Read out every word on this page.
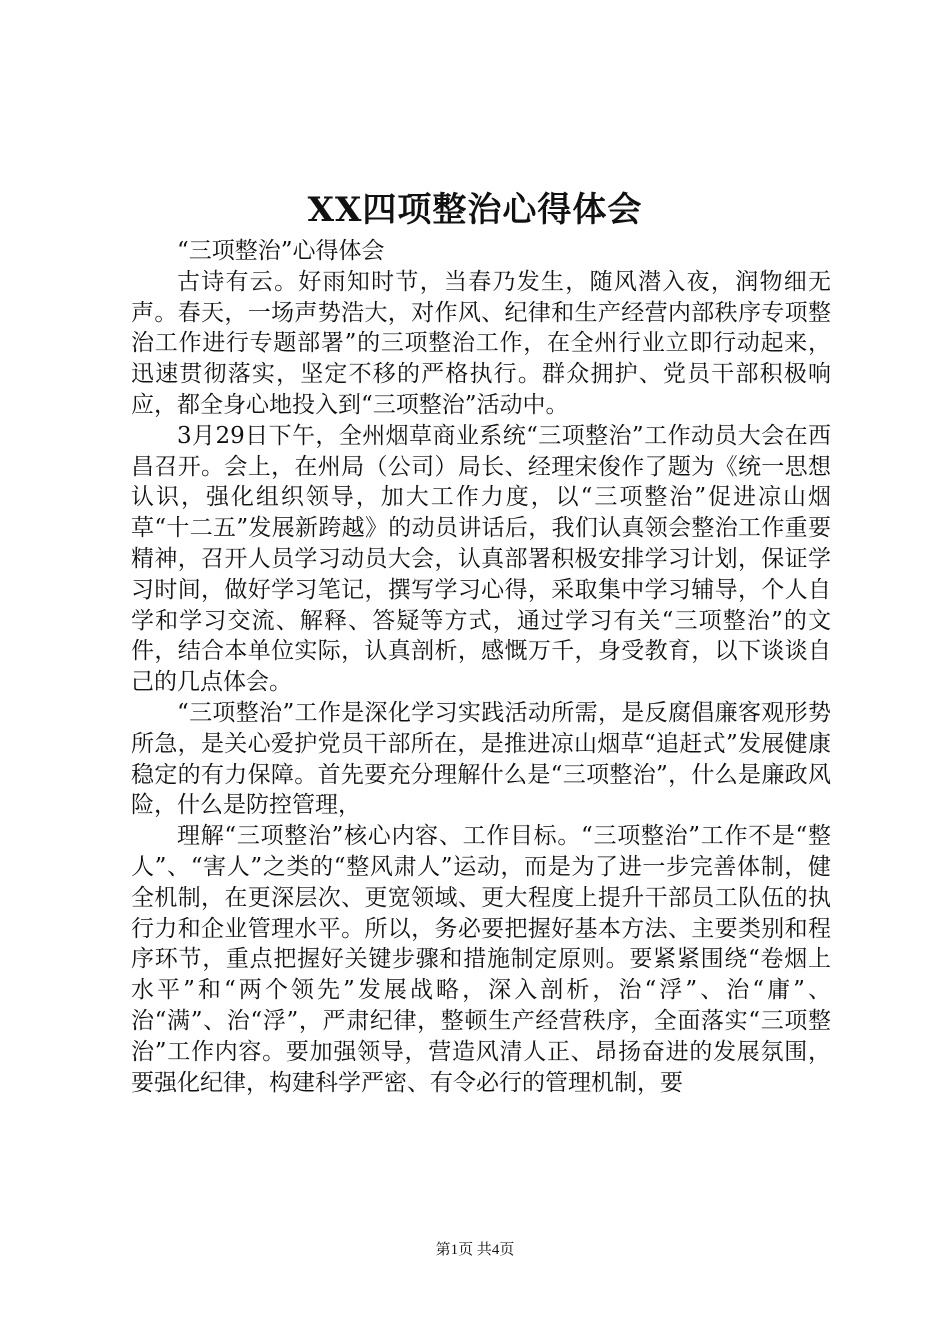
XX四项整治心得体会

“三项整治”心得体会

古诗有云。好雨知时节，当春乃发生，随风潜入夜，润物细无声。春天，一场声势浩大，对作风、纪律和生产经营内部秩序专项整治工作进行专题部署”的三项整治工作，在全州行业立即行动起来，迅速贯彻落实，坚定不移的严格执行。群众拥护、党员干部积极响应，都全身心地投入到“三项整治”活动中。

3月29日下午，全州烟草商业系统“三项整治”工作动员大会在西昌召开。会上，在州局（公司）局长、经理宋俊作了题为《统一思想认识，强化组织领导，加大工作力度，以“三项整治”促进凉山烟草“十二五”发展新跨越》的动员讲话后，我们认真领会整治工作重要精神，召开人员学习动员大会，认真部署积极安排学习计划，保证学习时间，做好学习笔记，撰写学习心得，采取集中学习辅导，个人自学和学习交流、解释、答疑等方式，通过学习有关“三项整治”的文件，结合本单位实际，认真剖析，感慨万千，身受教育，以下谈谈自己的几点体会。

“三项整治”工作是深化学习实践活动所需，是反腐倡廉客观形势所急，是关心爱护党员干部所在，是推进凉山烟草“追赶式”发展健康稳定的有力保障。首先要充分理解什么是“三项整治”，什么是廉政风险，什么是防控管理，

理解“三项整治”核心内容、工作目标。“三项整治”工作不是“整人”、“害人”之类的“整风肃人”运动，而是为了进一步完善体制，健全机制，在更深层次、更宽领域、更大程度上提升干部员工队伍的执行力和企业管理水平。所以，务必要把握好基本方法、主要类别和程序环节，重点把握好关键步骤和措施制定原则。要紧紧围绕“卷烟上水平”和“两个领先”发展战略，深入剖析，治“浮”、治“庸”、治“满”、治“浮”，严肃纪律，整顿生产经营秩序，全面落实“三项整治”工作内容。要加强领导，营造风清人正、昂扬奋进的发展氛围，要强化纪律，构建科学严密、有令必行的管理机制，要

第1页 共4页
